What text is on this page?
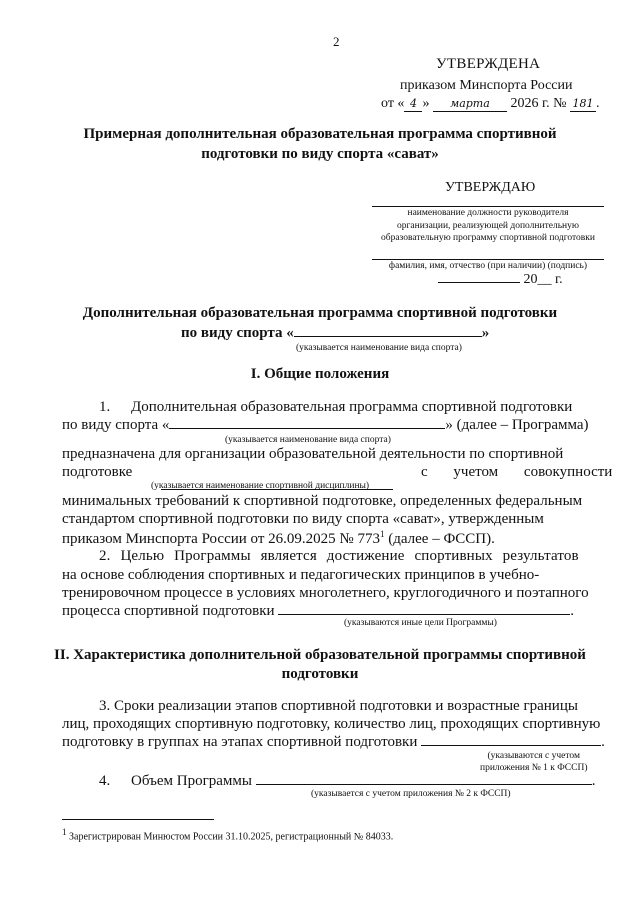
2
УТВЕРЖДЕНА
приказом Минспорта России
от « 4 » марта 2026 г. № 181 .
Примерная дополнительная образовательная программа спортивной
подготовки по виду спорта «сават»
УТВЕРЖДАЮ
наименование должности руководителя
организации, реализующей дополнительную
образовательную программу спортивной подготовки
фамилия, имя, отчество (при наличии) (подпись)
20__ г.
Дополнительная образовательная программа спортивной подготовки
по виду спорта «	»
(указывается наименование вида спорта)
I. Общие положения
1. Дополнительная образовательная программа спортивной подготовки
по виду спорта «	» (далее – Программа)
(указывается наименование вида спорта)
предназначена для организации образовательной деятельности по спортивной
подготовке	с учетом совокупности
(указывается наименование спортивной дисциплины)
минимальных требований к спортивной подготовке, определенных федеральным
стандартом спортивной подготовки по виду спорта «сават», утвержденным
приказом Минспорта России от 26.09.2025 № $773^1$ (далее – ФССП).
2. Целью Программы является достижение спортивных результатов
на основе соблюдения спортивных и педагогических принципов в учебно-
тренировочном процессе в условиях многолетнего, круглогодичного и поэтапного
процесса спортивной подготовки	.
(указываются иные цели Программы)
II. Характеристика дополнительной образовательной программы спортивной
подготовки
3. Сроки реализации этапов спортивной подготовки и возрастные границы
лиц, проходящих спортивную подготовку, количество лиц, проходящих спортивную
подготовку в группах на этапах спортивной подготовки	.
(указываются с учетом
приложения № 1 к ФССП)
4. Объем Программы	.
(указывается с учетом приложения № 2 к ФССП)
$^1$ Зарегистрирован Минюстом России 31.10.2025, регистрационный № 84033.
